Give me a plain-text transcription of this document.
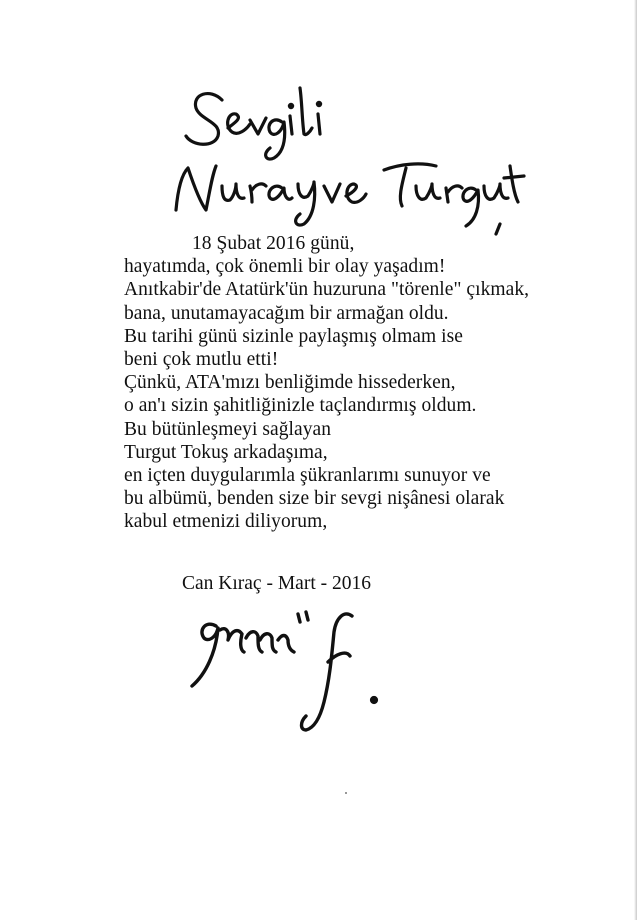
18 Şubat 2016 günü,
hayatımda, çok önemli bir olay yaşadım!
Anıtkabir'de Atatürk'ün huzuruna "törenle" çıkmak,
bana, unutamayacağım bir armağan oldu.
Bu tarihi günü sizinle paylaşmış olmam ise
beni çok mutlu etti!
Çünkü, ATA'mızı benliğimde hissederken,
o an'ı sizin şahitliğinizle taçlandırmış oldum.
Bu bütünleşmeyi sağlayan
Turgut Tokuş arkadaşıma,
en içten duygularımla şükranlarımı sunuyor ve
bu albümü, benden size bir sevgi nişânesi olarak
kabul etmenizi diliyorum,
Can Kıraç - Mart - 2016
